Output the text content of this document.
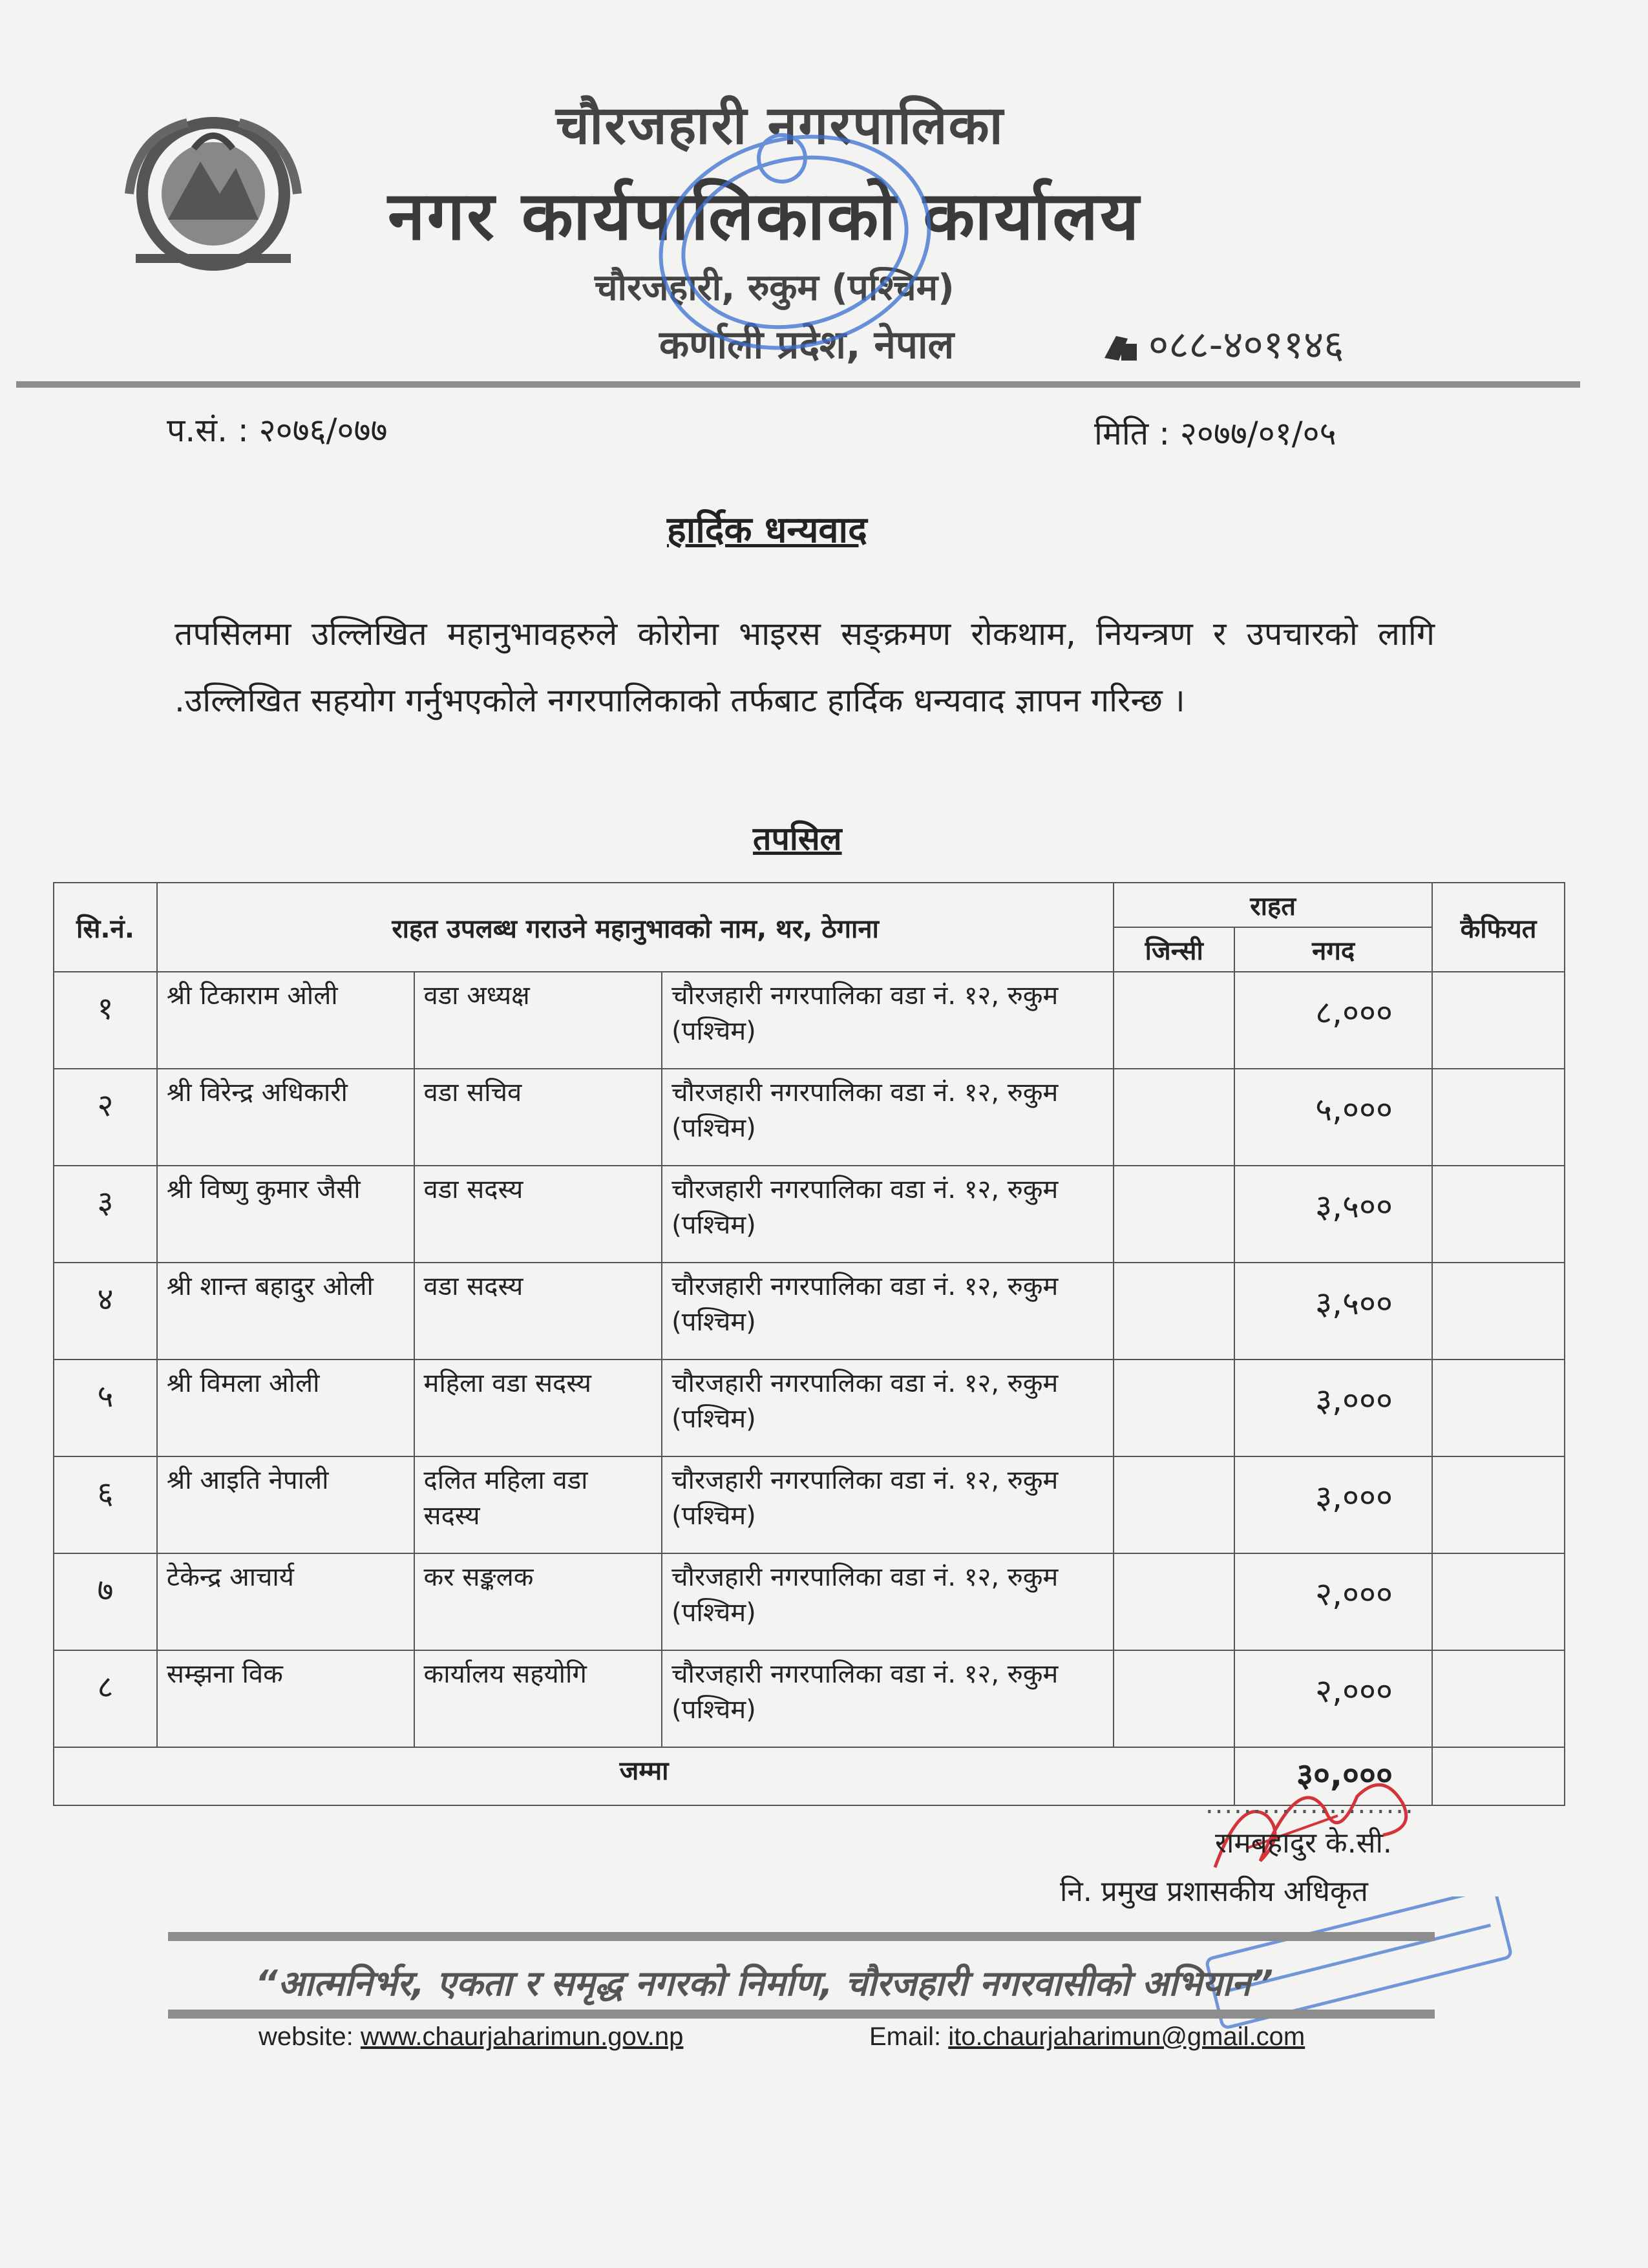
चौरजहारी नगरपालिका
नगर कार्यपालिकाको कार्यालय
चौरजहारी, रुकुम (पश्चिम)
कर्णाली प्रदेश, नेपाल	०८८-४०११४६
प.सं. : २०७६/०७७	मिति : २०७७/०१/०५
हार्दिक धन्यवाद
तपसिलमा उल्लिखित महानुभावहरुले कोरोना भाइरस सङ्क्रमण रोकथाम, नियन्त्रण र उपचारको लागि .उल्लिखित सहयोग गर्नुभएकोले नगरपालिकाको तर्फबाट हार्दिक धन्यवाद ज्ञापन गरिन्छ ।
तपसिल
सि.नं.	राहत उपलब्ध गराउने महानुभावको नाम, थर, ठेगाना			राहत		कैफियत
				जिन्सी	नगद	
१	श्री टिकाराम ओली	वडा अध्यक्ष	चौरजहारी नगरपालिका वडा नं. १२, रुकुम (पश्चिम)		८,०००	
२	श्री विरेन्द्र अधिकारी	वडा सचिव	चौरजहारी नगरपालिका वडा नं. १२, रुकुम (पश्चिम)		५,०००	
३	श्री विष्णु कुमार जैसी	वडा सदस्य	चौरजहारी नगरपालिका वडा नं. १२, रुकुम (पश्चिम)		३,५००	
४	श्री शान्त बहादुर ओली	वडा सदस्य	चौरजहारी नगरपालिका वडा नं. १२, रुकुम (पश्चिम)		३,५००	
५	श्री विमला ओली	महिला वडा सदस्य	चौरजहारी नगरपालिका वडा नं. १२, रुकुम (पश्चिम)		३,०००	
६	श्री आइति नेपाली	दलित महिला वडा सदस्य	चौरजहारी नगरपालिका वडा नं. १२, रुकुम (पश्चिम)		३,०००	
७	टेकेन्द्र आचार्य	कर सङ्कलक	चौरजहारी नगरपालिका वडा नं. १२, रुकुम (पश्चिम)		२,०००	
८	सम्झना विक	कार्यालय सहयोगि	चौरजहारी नगरपालिका वडा नं. १२, रुकुम (पश्चिम)		२,०००	
जम्मा					३०,०००	
......................
रामबहादुर के.सी.
नि. प्रमुख प्रशासकीय अधिकृत
“आत्मनिर्भर, एकता र समृद्ध नगरको निर्माण, चौरजहारी नगरवासीको अभियान”
website: www.chaurjaharimun.gov.np	Email: ito.chaurjaharimun@gmail.com
